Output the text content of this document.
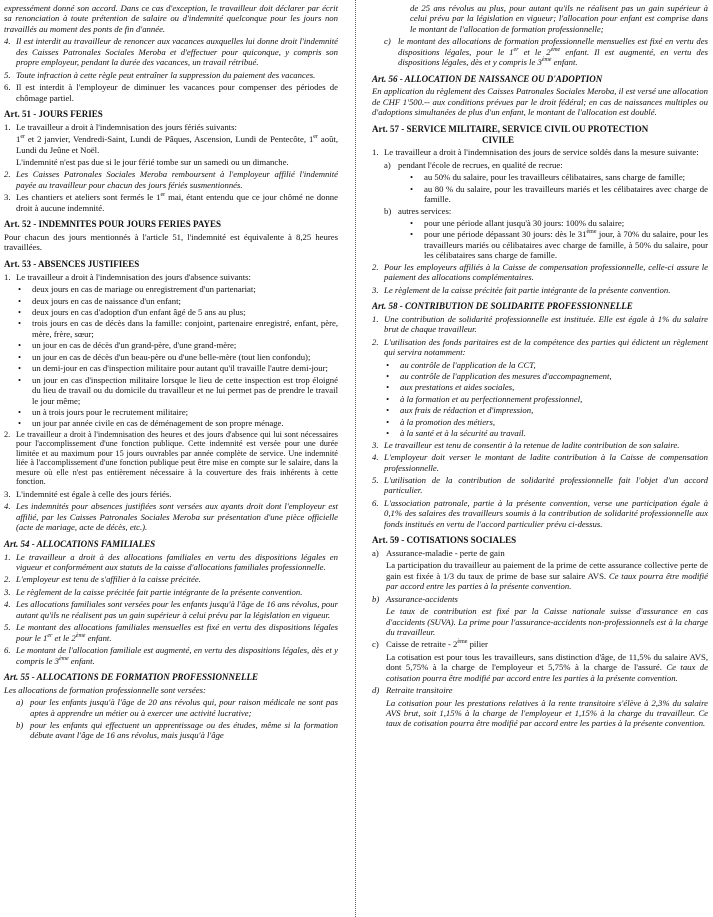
expressément donné son accord. Dans ce cas d'exception, le travailleur doit déclarer par écrit sa renonciation à toute prétention de salaire ou d'indemnité quelconque pour les jours non travaillés au moment des ponts de fin d'année.

4. Il est interdit au travailleur de renoncer aux vacances auxquelles lui donne droit l'indemnité des Caisses Patronales Sociales Meroba et d'effectuer pour quiconque, y compris son propre employeur, pendant la durée des vacances, un travail rétribué.
5. Toute infraction à cette règle peut entraîner la suppression du paiement des vacances.
6. Il est interdit à l'employeur de diminuer les vacances pour compenser des périodes de chômage partiel.
Art. 51 - JOURS FERIES
1. Le travailleur a droit à l'indemnisation des jours fériés suivants:

1er et 2 janvier, Vendredi-Saint, Lundi de Pâques, Ascension, Lundi de Pentecôte, 1er août, Lundi du Jeûne et Noël.

L'indemnité n'est pas due si le jour férié tombe sur un samedi ou un dimanche.

2. Les Caisses Patronales Sociales Meroba remboursent à l'employeur affilié l'indemnité payée au travailleur pour chacun des jours fériés susmentionnés.
3. Les chantiers et ateliers sont fermés le 1er mai, étant entendu que ce jour chômé ne donne droit à aucune indemnité.
Art. 52 - INDEMNITES POUR JOURS FERIES PAYES

Pour chacun des jours mentionnés à l'article 51, l'indemnité est équivalente à 8,25 heures travaillées.

Art. 53 - ABSENCES JUSTIFIEES
1. Le travailleur a droit à l'indemnisation des jours d'absence suivants:
•	deux jours en cas de mariage ou enregistrement d'un partenariat;
•	deux jours en cas de naissance d'un enfant;
•	deux jours en cas d'adoption d'un enfant âgé de 5 ans au plus;
•	trois jours en cas de décès dans la famille: conjoint, partenaire enregistré, enfant, père, mère, frère, sœur;
•	un jour en cas de décès d'un grand-père, d'une grand-mère;
•	un jour en cas de décès d'un beau-père ou d'une belle-mère (tout lien confondu);
•	un demi-jour en cas d'inspection militaire pour autant qu'il travaille l'autre demi-jour;
•	un jour en cas d'inspection militaire lorsque le lieu de cette inspection est trop éloigné du lieu de travail ou du domicile du travailleur et ne lui permet pas de prendre le travail le jour même;
•	un à trois jours pour le recrutement militaire;
•	un jour par année civile en cas de déménagement de son propre ménage.
2. Le travailleur a droit à l'indemnisation des heures et des jours d'absence qui lui sont nécessaires pour l'accomplissement d'une fonction publique. Cette indemnité est versée pour une durée limitée et au maximum pour 15 jours ouvrables par année complète de service. Une indemnité liée à l'accomplissement d'une fonction publique peut être mise en compte sur le salaire, dans la mesure où elle n'est pas entièrement nécessaire à la couverture des frais inhérents à cette fonction.
3. L'indemnité est égale à celle des jours fériés.
4. Les indemnités pour absences justifiées sont versées aux ayants droit dont l'employeur est affilié, par les Caisses Patronales Sociales Meroba sur présentation d'une pièce officielle (acte de mariage, acte de décès, etc.).
Art. 54 - ALLOCATIONS FAMILIALES
1. Le travailleur a droit à des allocations familiales en vertu des dispositions légales en vigueur et conformément aux statuts de la caisse d'allocations familiales professionnelle.
2. L'employeur est tenu de s'affilier à la caisse précitée.
3. Le règlement de la caisse précitée fait partie intégrante de la présente convention.
4. Les allocations familiales sont versées pour les enfants jusqu'à l'âge de 16 ans révolus, pour autant qu'ils ne réalisent pas un gain supérieur à celui prévu par la législation en vigueur.
5. Le montant des allocations familiales mensuelles est fixé en vertu des dispositions légales pour le 1er et le 2ème enfant.
6. Le montant de l'allocation familiale est augmenté, en vertu des dispositions légales, dès et y compris le 3ème enfant.
Art. 55 - ALLOCATIONS DE FORMATION PROFESSIONNELLE

Les allocations de formation professionnelle sont versées:

a) pour les enfants jusqu'à l'âge de 20 ans révolus qui, pour raison médicale ne sont pas aptes à apprendre un métier ou à exercer une activité lucrative;
b) pour les enfants qui effectuent un apprentissage ou des études, même si la formation débute avant l'âge de 16 ans révolus, mais jusqu'à l'âge

de 25 ans révolus au plus, pour autant qu'ils ne réalisent pas un gain supérieur à celui prévu par la législation en vigueur; l'allocation pour enfant est comprise dans le montant de l'allocation de formation professionnelle;

c) le montant des allocations de formation professionnelle mensuelles est fixé en vertu des dispositions légales, pour le 1er et le 2ème enfant. Il est augmenté, en vertu des dispositions légales, dès et y compris le 3ème enfant.
Art. 56 - ALLOCATION DE NAISSANCE OU D'ADOPTION

En application du règlement des Caisses Patronales Sociales Meroba, il est versé une allocation de CHF 1'500.-- aux conditions prévues par le droit fédéral; en cas de naissances multiples ou d'adoptions simultanées de plus d'un enfant, le montant de l'allocation est doublé.

Art. 57 - SERVICE MILITAIRE, SERVICE CIVIL OU PROTECTION
CIVILE
1. Le travailleur a droit à l'indemnisation des jours de service soldés dans la mesure suivante:
a) pendant l'école de recrues, en qualité de recrue:
•	au 50% du salaire, pour les travailleurs célibataires, sans charge de famille;
•	au 80 % du salaire, pour les travailleurs mariés et les célibataires avec charge de famille.
b) autres services:
•	pour une période allant jusqu'à 30 jours: 100% du salaire;
•	pour une période dépassant 30 jours: dès le 31ème jour, à 70% du salaire, pour les travailleurs mariés ou célibataires avec charge de famille, à 50% du salaire, pour les célibataires sans charge de famille.
2. Pour les employeurs affiliés à la Caisse de compensation professionnelle, celle-ci assure le paiement des allocations complémentaires.
3. Le règlement de la caisse précitée fait partie intégrante de la présente convention.
Art. 58 - CONTRIBUTION DE SOLIDARITE PROFESSIONNELLE
1. Une contribution de solidarité professionnelle est instituée. Elle est égale à 1% du salaire brut de chaque travailleur.
2. L'utilisation des fonds paritaires est de la compétence des parties qui édictent un règlement qui servira notamment:
•	au contrôle de l'application de la CCT,
•	au contrôle de l'application des mesures d'accompagnement,
•	aux prestations et aides sociales,
•	à la formation et au perfectionnement professionnel,
•	aux frais de rédaction et d'impression,
•	à la promotion des métiers,
•	à la santé et à la sécurité au travail.
3. Le travailleur est tenu de consentir à la retenue de ladite contribution de son salaire.
4. L'employeur doit verser le montant de ladite contribution à la Caisse de compensation professionnelle.
5. L'utilisation de la contribution de solidarité professionnelle fait l'objet d'un accord particulier.
6. L'association patronale, partie à la présente convention, verse une participation égale à 0,1% des salaires des travailleurs soumis à la contribution de solidarité professionnelle aux fonds institués en vertu de l'accord particulier prévu ci-dessus.
Art. 59 - COTISATIONS SOCIALES
a) Assurance-maladie - perte de gain

La participation du travailleur au paiement de la prime de cette assurance collective perte de gain est fixée à 1/3 du taux de prime de base sur salaire AVS. Ce taux pourra être modifié par accord entre les parties à la présente convention.

b) Assurance-accidents

Le taux de contribution est fixé par la Caisse nationale suisse d'assurance en cas d'accidents (SUVA). La prime pour l'assurance-accidents non-professionnels est à la charge du travailleur.

c) Caisse de retraite - 2ème pilier

La cotisation est pour tous les travailleurs, sans distinction d'âge, de 11,5% du salaire AVS, dont 5,75% à la charge de l'employeur et 5,75% à la charge de l'assuré. Ce taux de cotisation pourra être modifié par accord entre les parties à la présente convention.

d) Retraite transitoire

La cotisation pour les prestations relatives à la rente transitoire s'élève à 2,3% du salaire AVS brut, soit 1,15% à la charge de l'employeur et 1,15% à la charge du travailleur. Ce taux de cotisation pourra être modifié par accord entre les parties à la présente convention.
